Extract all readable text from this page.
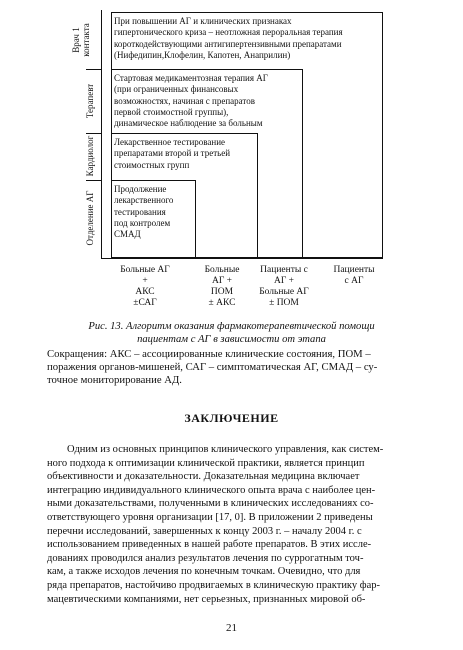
Врач 1 контакта
Терапевт
Кардиолог
Отделение АГ
При повышении АГ и клинических признаках
гипертонического криза – неотложная пероральная терапия
короткодействующими антигипертензивными препаратами
(Нифедипин,Клофелин, Капотен, Анаприлин)
Стартовая медикаментозная терапия АГ
(при ограниченных финансовых
возможностях, начиная с препаратов
первой стоимостной группы),
динамическое наблюдение за больным
Лекарственное тестирование
препаратами второй и третьей
стоимостных групп
Продолжение
лекарственного
тестирования
под контролем
СМАД
Больные АГ
+
АКС
±САГ
Больные
АГ +
ПОМ
± АКС
Пациенты с
АГ +
Больные АГ
± ПОМ
Пациенты
с АГ
Рис. 13. Алгоритм оказания фармакотерапевтической помощи
пациентам с АГ в зависимости от этапа
Сокращения: АКС – ассоциированные клинические состояния, ПОМ –
поражения органов-мишеней, САГ – симптоматическая АГ, СМАД – су-
точное мониторирование АД.
ЗАКЛЮЧЕНИЕ
Одним из основных принципов клинического управления, как систем-
ного подхода к оптимизации клинической практики, является принцип
объективности и доказательности. Доказательная медицина включает
интеграцию индивидуального клинического опыта врача с наиболее цен-
ными доказательствами, полученными в клинических исследованиях со-
ответствующего уровня организации [17, 0]. В приложении 2 приведены
перечни исследований, завершенных к концу 2003 г. – началу 2004 г. с
использованием приведенных в нашей работе препаратов. В этих иссле-
дованиях проводился анализ результатов лечения по суррогатным точ-
кам, а также исходов лечения по конечным точкам. Очевидно, что для
ряда препаратов, настойчиво продвигаемых в клиническую практику фар-
мацевтическими компаниями, нет серьезных, признанных мировой об-
21
